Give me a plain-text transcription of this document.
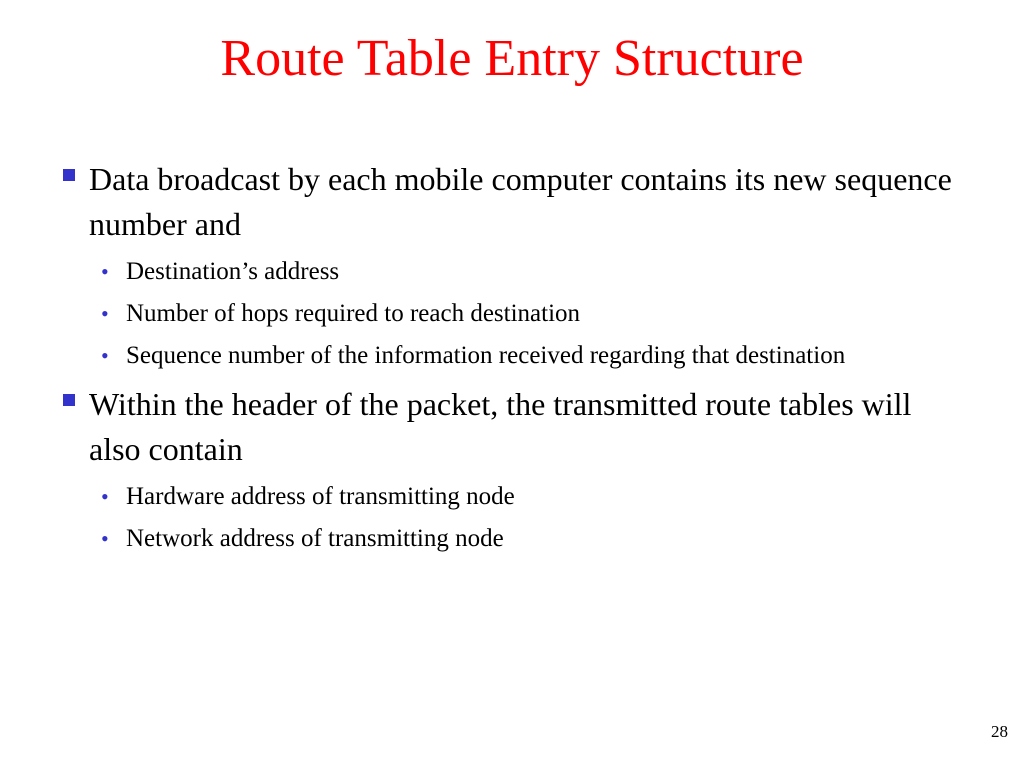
Route Table Entry Structure
Data broadcast by each mobile computer contains its new sequence number and
• Destination’s address
• Number of hops required to reach destination
• Sequence number of the information received regarding that destination
Within the header of the packet, the transmitted route tables will also contain
• Hardware address of transmitting node
• Network address of transmitting node
28
